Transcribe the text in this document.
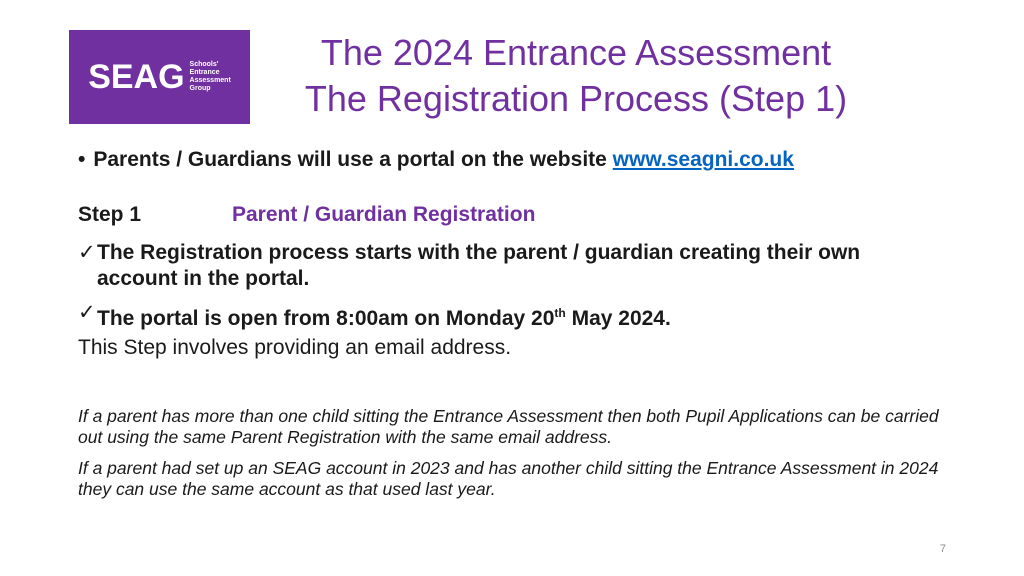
SEAG Schools'
Entrance
Assessment
Group
The 2024 Entrance Assessment
The Registration Process (Step 1)
• Parents / Guardians will use a portal on the website www.seagni.co.uk
Step 1	Parent / Guardian Registration
✓ The Registration process starts with the parent / guardian creating their own account in the portal.
✓ The portal is open from 8:00am on Monday 20th May 2024.
This Step involves providing an email address.
If a parent has more than one child sitting the Entrance Assessment then both Pupil Applications can be carried out using the same Parent Registration with the same email address.
If a parent had set up an SEAG account in 2023 and has another child sitting the Entrance Assessment in 2024 they can use the same account as that used last year.
7
